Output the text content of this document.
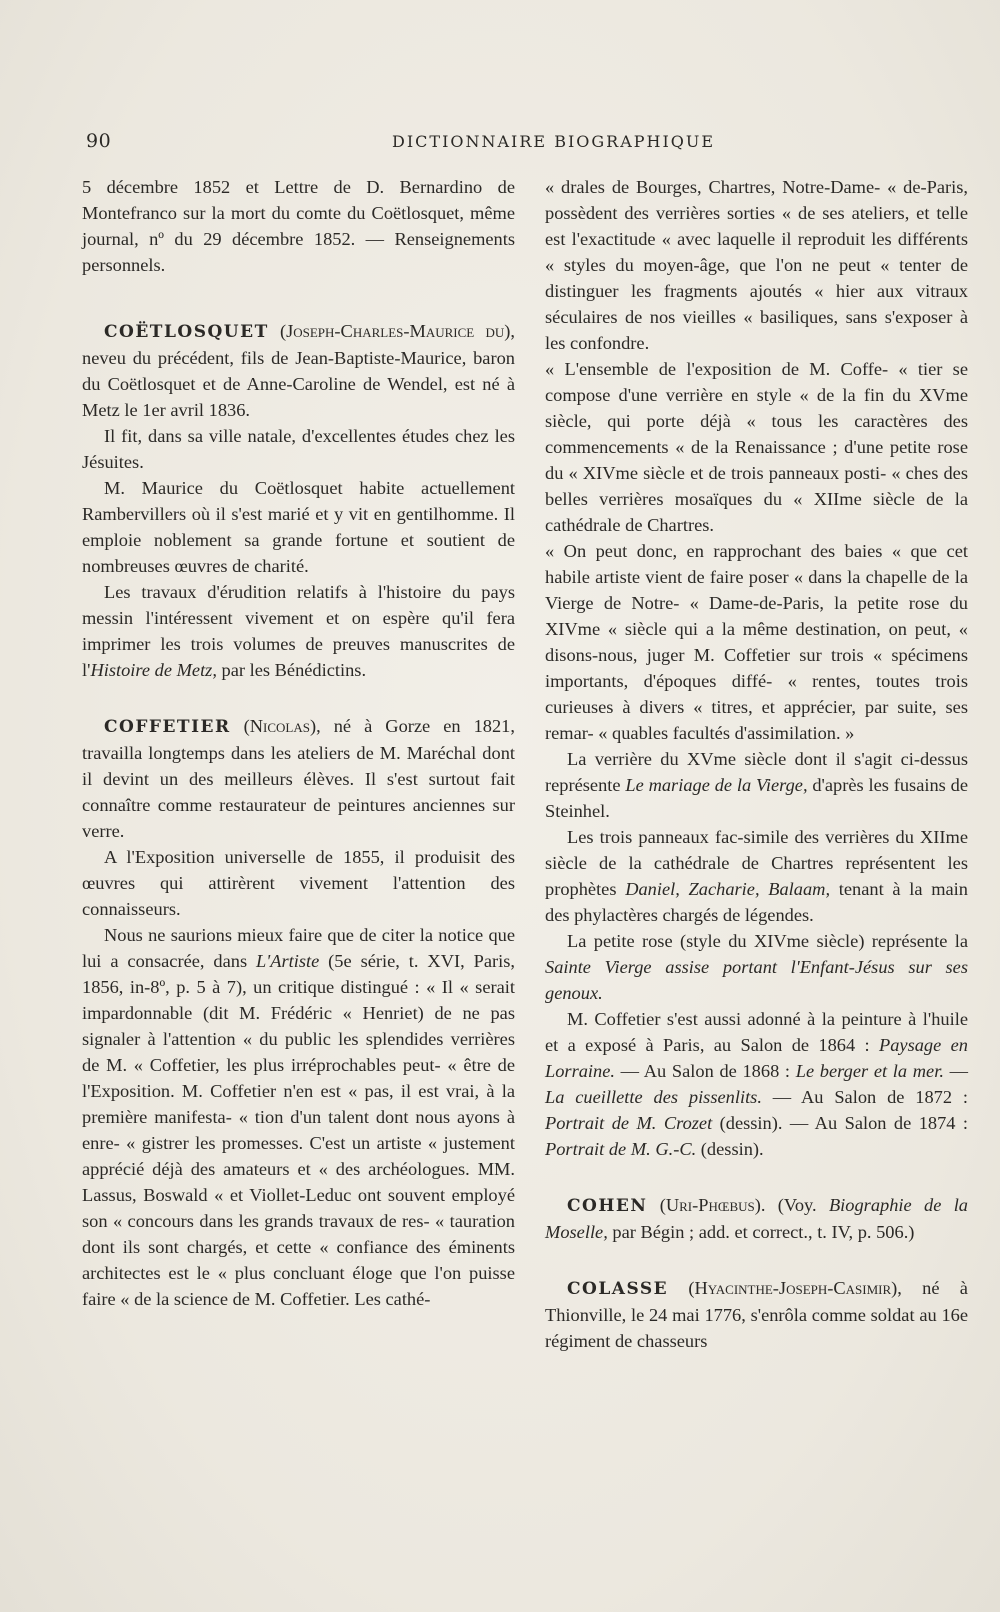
90	DICTIONNAIRE BIOGRAPHIQUE

5 décembre 1852 et Lettre de D. Bernardino de Montefranco sur la mort du comte du Coëtlosquet, même journal, nº du 29 décembre 1852. — Renseignements personnels.

COËTLOSQUET (Joseph-Charles-Maurice du), neveu du précédent, fils de Jean-Baptiste-Maurice, baron du Coëtlosquet et de Anne-Caroline de Wendel, est né à Metz le 1er avril 1836.

Il fit, dans sa ville natale, d'excellentes études chez les Jésuites.

M. Maurice du Coëtlosquet habite actuellement Rambervillers où il s'est marié et y vit en gentilhomme. Il emploie noblement sa grande fortune et soutient de nombreuses œuvres de charité.

Les travaux d'érudition relatifs à l'histoire du pays messin l'intéressent vivement et on espère qu'il fera imprimer les trois volumes de preuves manuscrites de l'Histoire de Metz, par les Bénédictins.

COFFETIER (Nicolas), né à Gorze en 1821, travailla longtemps dans les ateliers de M. Maréchal dont il devint un des meilleurs élèves. Il s'est surtout fait connaître comme restaurateur de peintures anciennes sur verre.

A l'Exposition universelle de 1855, il produisit des œuvres qui attirèrent vivement l'attention des connaisseurs.

Nous ne saurions mieux faire que de citer la notice que lui a consacrée, dans L'Artiste (5e série, t. XVI, Paris, 1856, in-8º, p. 5 à 7), un critique distingué : « Il « serait impardonnable (dit M. Frédéric « Henriet) de ne pas signaler à l'attention « du public les splendides verrières de M. « Coffetier, les plus irréprochables peut- « être de l'Exposition. M. Coffetier n'en est « pas, il est vrai, à la première manifesta- « tion d'un talent dont nous ayons à enre- « gistrer les promesses. C'est un artiste « justement apprécié déjà des amateurs et « des archéologues. MM. Lassus, Boswald « et Viollet-Leduc ont souvent employé son « concours dans les grands travaux de res- « tauration dont ils sont chargés, et cette « confiance des éminents architectes est le « plus concluant éloge que l'on puisse faire « de la science de M. Coffetier. Les cathé-

« drales de Bourges, Chartres, Notre-Dame- « de-Paris, possèdent des verrières sorties « de ses ateliers, et telle est l'exactitude « avec laquelle il reproduit les différents « styles du moyen-âge, que l'on ne peut « tenter de distinguer les fragments ajoutés « hier aux vitraux séculaires de nos vieilles « basiliques, sans s'exposer à les confondre.

« L'ensemble de l'exposition de M. Coffe- « tier se compose d'une verrière en style « de la fin du XVme siècle, qui porte déjà « tous les caractères des commencements « de la Renaissance ; d'une petite rose du « XIVme siècle et de trois panneaux posti- « ches des belles verrières mosaïques du « XIIme siècle de la cathédrale de Chartres.

« On peut donc, en rapprochant des baies « que cet habile artiste vient de faire poser « dans la chapelle de la Vierge de Notre- « Dame-de-Paris, la petite rose du XIVme « siècle qui a la même destination, on peut, « disons-nous, juger M. Coffetier sur trois « spécimens importants, d'époques diffé- « rentes, toutes trois curieuses à divers « titres, et apprécier, par suite, ses remar- « quables facultés d'assimilation. »

La verrière du XVme siècle dont il s'agit ci-dessus représente Le mariage de la Vierge, d'après les fusains de Steinhel.

Les trois panneaux fac-simile des verrières du XIIme siècle de la cathédrale de Chartres représentent les prophètes Daniel, Zacharie, Balaam, tenant à la main des phylactères chargés de légendes.

La petite rose (style du XIVme siècle) représente la Sainte Vierge assise portant l'Enfant-Jésus sur ses genoux.

M. Coffetier s'est aussi adonné à la peinture à l'huile et a exposé à Paris, au Salon de 1864 : Paysage en Lorraine. — Au Salon de 1868 : Le berger et la mer. — La cueillette des pissenlits. — Au Salon de 1872 : Portrait de M. Crozet (dessin). — Au Salon de 1874 : Portrait de M. G.-C. (dessin).

COHEN (Uri-Phœbus). (Voy. Biographie de la Moselle, par Bégin ; add. et correct., t. IV, p. 506.)

COLASSE (Hyacinthe-Joseph-Casimir), né à Thionville, le 24 mai 1776, s'enrôla comme soldat au 16e régiment de chasseurs
